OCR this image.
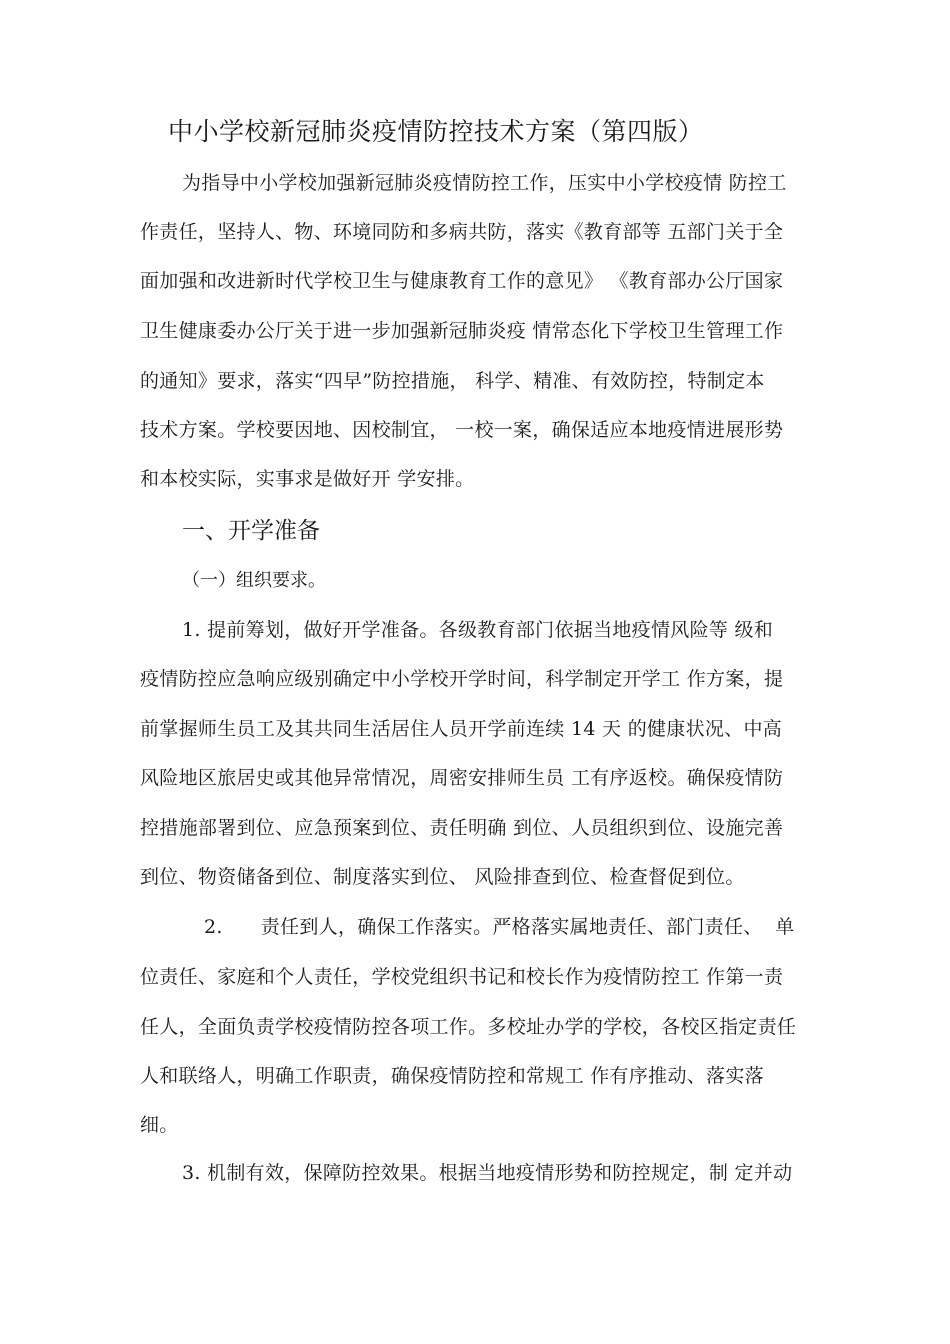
中小学校新冠肺炎疫情防控技术方案（第四版）
为指导中小学校加强新冠肺炎疫情防控工作，压实中小学校疫情 防控工
作责任，坚持人、物、环境同防和多病共防，落实《教育部等 五部门关于全
面加强和改进新时代学校卫生与健康教育工作的意见》 《教育部办公厅国家
卫生健康委办公厅关于进一步加强新冠肺炎疫 情常态化下学校卫生管理工作
的通知》要求，落实“四早”防控措施， 科学、精准、有效防控，特制定本
技术方案。学校要因地、因校制宜， 一校一案，确保适应本地疫情进展形势
和本校实际，实事求是做好开 学安排。
一、开学准备
（一）组织要求。
1. 提前筹划，做好开学准备。各级教育部门依据当地疫情风险等 级和
疫情防控应急响应级别确定中小学校开学时间，科学制定开学工 作方案，提
前掌握师生员工及其共同生活居住人员开学前连续 14 天 的健康状况、中高
风险地区旅居史或其他异常情况，周密安排师生员 工有序返校。确保疫情防
控措施部署到位、应急预案到位、责任明确 到位、人员组织到位、设施完善
到位、物资储备到位、制度落实到位、 风险排查到位、检查督促到位。
2.      责任到人，确保工作落实。严格落实属地责任、部门责任、  单
位责任、家庭和个人责任，学校党组织书记和校长作为疫情防控工 作第一责
任人，全面负责学校疫情防控各项工作。多校址办学的学校，各校区指定责任
人和联络人，明确工作职责，确保疫情防控和常规工 作有序推动、落实落
细。
3. 机制有效，保障防控效果。根据当地疫情形势和防控规定，制 定并动
